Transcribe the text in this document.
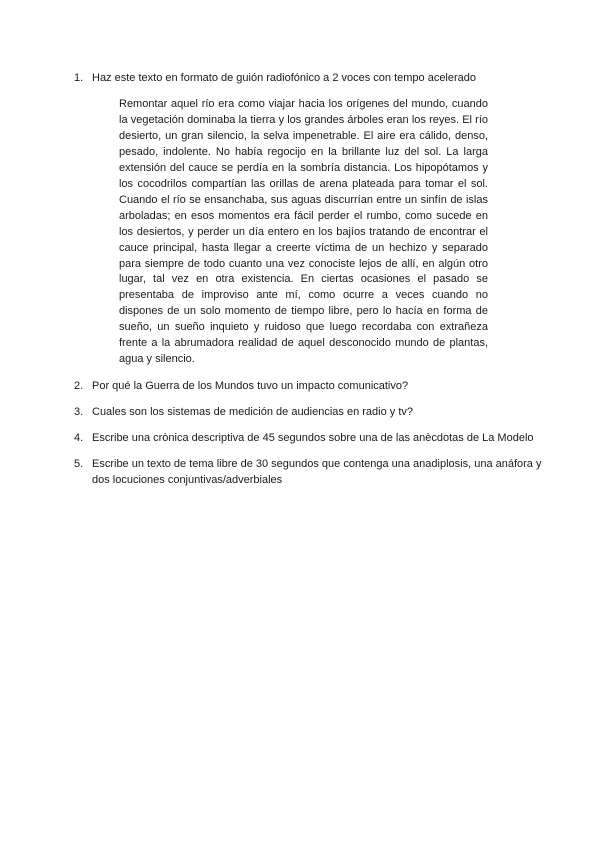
1. Haz este texto en formato de guión radiofónico a 2 voces con tempo acelerado
Remontar aquel río era como viajar hacia los orígenes del mundo, cuando la vegetación dominaba la tierra y los grandes árboles eran los reyes. El río desierto, un gran silencio, la selva impenetrable. El aire era cálido, denso, pesado, indolente. No había regocijo en la brillante luz del sol. La larga extensión del cauce se perdía en la sombría distancia. Los hipopótamos y los cocodrilos compartían las orillas de arena plateada para tomar el sol. Cuando el río se ensanchaba, sus aguas discurrían entre un sinfín de islas arboladas; en esos momentos era fácil perder el rumbo, como sucede en los desiertos, y perder un día entero en los bajíos tratando de encontrar el cauce principal, hasta llegar a creerte víctima de un hechizo y separado para siempre de todo cuanto una vez conociste lejos de allí, en algún otro lugar, tal vez en otra existencia. En ciertas ocasiones el pasado se presentaba de improviso ante mí, como ocurre a veces cuando no dispones de un solo momento de tiempo libre, pero lo hacía en forma de sueño, un sueño inquieto y ruidoso que luego recordaba con extrañeza frente a la abrumadora realidad de aquel desconocido mundo de plantas, agua y silencio.
2. Por qué la Guerra de los Mundos tuvo un impacto comunicativo?
3. Cuales son los sistemas de medición de audiencias en radio y tv?
4. Escribe una crònica descriptiva de 45 segundos sobre una de las anècdotas de La Modelo
5. Escribe un texto de tema libre de 30 segundos que contenga una anadiplosis, una anáfora y dos locuciones conjuntivas/adverbiales
